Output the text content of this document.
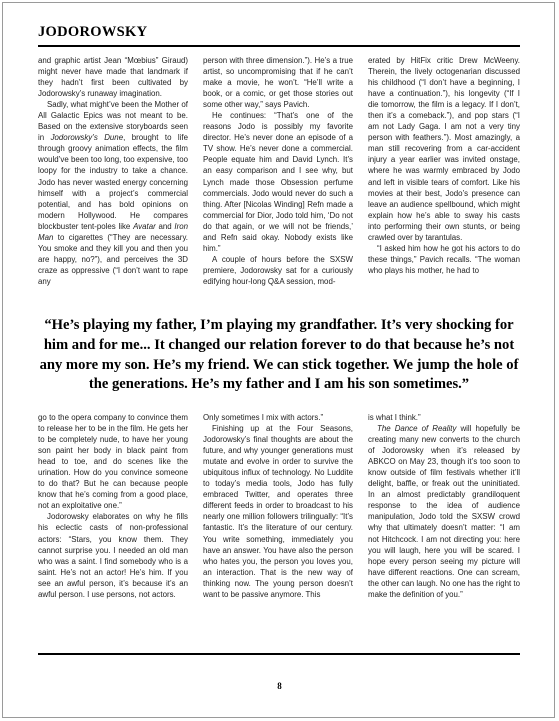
JODOROWSKY

and graphic artist Jean “Mœbius” Giraud) might never have made that landmark if they hadn’t first been cultivated by Jodorowsky’s runaway imagination.

Sadly, what might’ve been the Mother of All Galactic Epics was not meant to be. Based on the extensive storyboards seen in Jodorowsky’s Dune, brought to life through groovy animation effects, the film would’ve been too long, too expensive, too loopy for the industry to take a chance. Jodo has never wasted energy concerning himself with a project’s commercial potential, and has bold opinions on modern Hollywood. He compares blockbuster tent-poles like Avatar and Iron Man to cigarettes (“They are necessary. You smoke and they kill you and then you are happy, no?”), and perceives the 3D craze as oppressive (“I don’t want to rape any

person with three dimension.”). He’s a true artist, so uncompromising that if he can’t make a movie, he won’t. “He’ll write a book, or a comic, or get those stories out some other way,” says Pavich.

He continues: “That’s one of the reasons Jodo is possibly my favorite director. He’s never done an episode of a TV show. He’s never done a commercial. People equate him and David Lynch. It’s an easy comparison and I see why, but Lynch made those Obsession perfume commercials. Jodo would never do such a thing. After [Nicolas Winding] Refn made a commercial for Dior, Jodo told him, ‘Do not do that again, or we will not be friends,’ and Refn said okay. Nobody exists like him.”

A couple of hours before the SXSW premiere, Jodorowsky sat for a curiously edifying hour-long Q&A session, mod-

erated by HitFix critic Drew McWeeny. Therein, the lively octogenarian discussed his childhood (“I don’t have a beginning, I have a continuation.”), his longevity (“If I die tomorrow, the film is a legacy. If I don’t, then it’s a comeback.”), and pop stars (“I am not Lady Gaga. I am not a very tiny person with feathers.”). Most amazingly, a man still recovering from a car-accident injury a year earlier was invited onstage, where he was warmly embraced by Jodo and left in visible tears of comfort. Like his movies at their best, Jodo’s presence can leave an audience spellbound, which might explain how he’s able to sway his casts into performing their own stunts, or being crawled over by tarantulas.

“I asked him how he got his actors to do these things,” Pavich recalls. “The woman who plays his mother, he had to

“He’s playing my father, I’m playing my grandfather. It’s very shocking for him and for me... It changed our relation forever to do that because he’s not any more my son. He’s my friend. We can stick together. We jump the hole of the generations. He’s my father and I am his son sometimes.”

go to the opera company to convince them to release her to be in the film. He gets her to be completely nude, to have her young son paint her body in black paint from head to toe, and do scenes like the urination. How do you convince someone to do that? But he can because people know that he’s coming from a good place, not an exploitative one.”

Jodorowsky elaborates on why he fills his eclectic casts of non-professional actors: “Stars, you know them. They cannot surprise you. I needed an old man who was a saint. I find somebody who is a saint. He’s not an actor! He’s him. If you see an awful person, it’s because it’s an awful person. I use persons, not actors.

Only sometimes I mix with actors.”

Finishing up at the Four Seasons, Jodorowsky’s final thoughts are about the future, and why younger generations must mutate and evolve in order to survive the ubiquitous influx of technology. No Luddite to today’s media tools, Jodo has fully embraced Twitter, and operates three different feeds in order to broadcast to his nearly one million followers trilingually: “It’s fantastic. It’s the literature of our century. You write something, immediately you have an answer. You have also the person who hates you, the person you loves you, an interaction. That is the new way of thinking now. The young person doesn’t want to be passive anymore. This

is what I think.”

The Dance of Reality will hopefully be creating many new converts to the church of Jodorowsky when it’s released by ABKCO on May 23, though it’s too soon to know outside of film festivals whether it’ll delight, baffle, or freak out the uninitiated. In an almost predictably grandiloquent response to the idea of audience manipulation, Jodo told the SXSW crowd why that ultimately doesn’t matter: “I am not Hitchcock. I am not directing you: here you will laugh, here you will be scared. I hope every person seeing my picture will have different reactions. One can scream, the other can laugh. No one has the right to make the definition of you.”

8
